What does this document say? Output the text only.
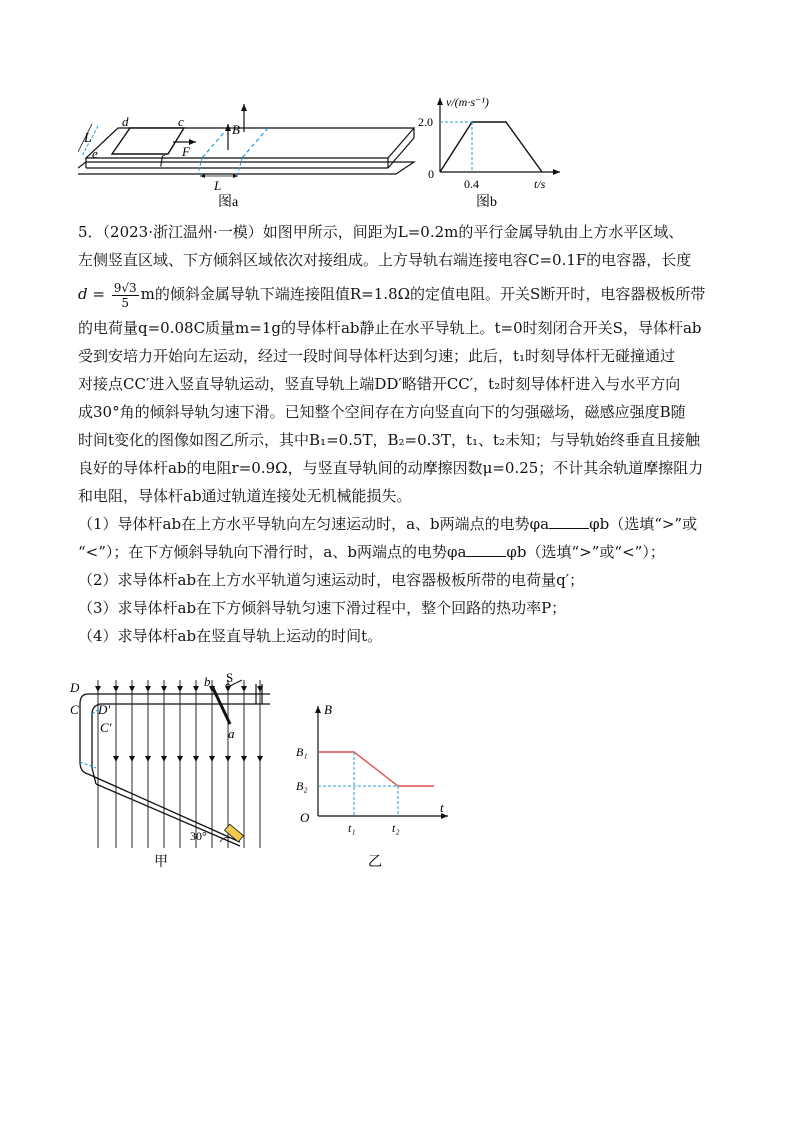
L
d	c
e	f
F
B
L
图a
v/(m·s⁻¹)
2.0
0
0.4	t/s
图b
5．（2023·浙江温州·一模）如图甲所示，间距为L=0.2m的平行金属导轨由上方水平区域、
左侧竖直区域、下方倾斜区域依次对接组成。上方导轨右端连接电容C=0.1F的电容器，长度
$d = \frac{9√3}{5}$ m的倾斜金属导轨下端连接阻值R=1.8Ω的定值电阻。开关S断开时，电容器极板所带
的电荷量q=0.08C质量m=1g的导体杆ab静止在水平导轨上。t=0时刻闭合开关S，导体杆ab
受到安培力开始向左运动，经过一段时间导体杆达到匀速；此后，t₁时刻导体杆无碰撞通过
对接点CC′进入竖直导轨运动，竖直导轨上端DD′略错开CC′，t₂时刻导体杆进入与水平方向
成30°角的倾斜导轨匀速下滑。已知整个空间存在方向竖直向下的匀强磁场，磁感应强度B随
时间t变化的图像如图乙所示，其中B₁=0.5T，B₂=0.3T，t₁、t₂未知；与导轨始终垂直且接触
良好的导体杆ab的电阻r=0.9Ω，与竖直导轨间的动摩擦因数μ=0.25；不计其余轨道摩擦阻力
和电阻，导体杆ab通过轨道连接处无机械能损失。
（1）导体杆ab在上方水平导轨向左匀速运动时，a、b两端点的电势φa	φb（选填“>”或
“<”）；在下方倾斜导轨向下滑行时，a、b两端点的电势φa	φb（选填“>”或“<”）；
（2）求导体杆ab在上方水平轨道匀速运动时，电容器极板所带的电荷量q′；
（3）求导体杆ab在下方倾斜导轨匀速下滑过程中，整个回路的热功率P；
（4）求导体杆ab在竖直导轨上运动的时间t。
D
C D′
C′
b S
a
30°
甲
B
B₁
B₂
O
t
t₁	t₂
乙
